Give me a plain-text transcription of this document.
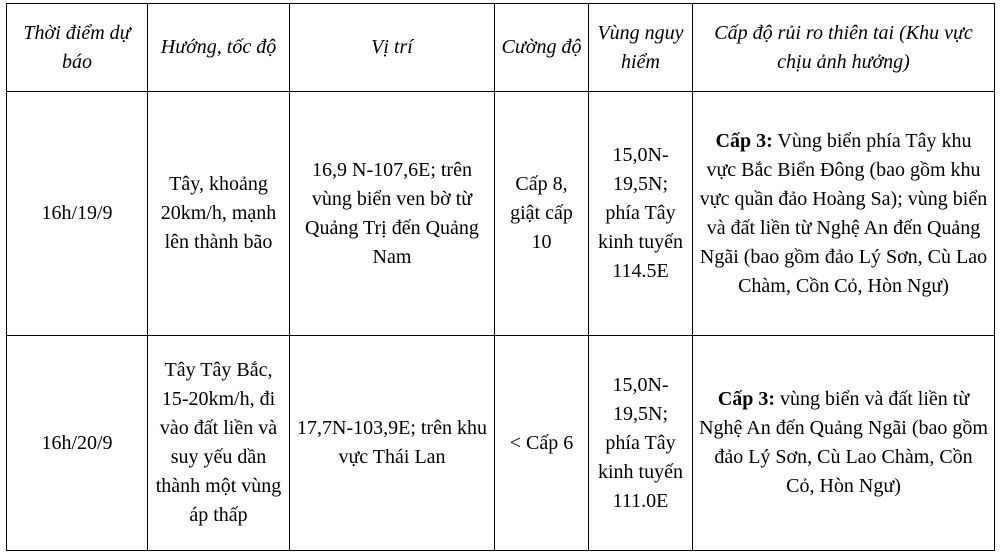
Thời điểm dự báo	Hướng, tốc độ	Vị trí	Cường độ	Vùng nguy hiểm	Cấp độ rủi ro thiên tai (Khu vực chịu ảnh hưởng)
16h/19/9	Tây, khoảng 20km/h, mạnh lên thành bão	16,9 N-107,6E; trên vùng biển ven bờ từ Quảng Trị đến Quảng Nam	Cấp 8, giật cấp 10	15,0N-19,5N; phía Tây kinh tuyến 114.5E	Cấp 3: Vùng biển phía Tây khu vực Bắc Biển Đông (bao gồm khu vực quần đảo Hoàng Sa); vùng biển và đất liền từ Nghệ An đến Quảng Ngãi (bao gồm đảo Lý Sơn, Cù Lao Chàm, Cồn Cỏ, Hòn Ngư)
16h/20/9	Tây Tây Bắc, 15-20km/h, đi vào đất liền và suy yếu dần thành một vùng áp thấp	17,7N-103,9E; trên khu vực Thái Lan	< Cấp 6	15,0N-19,5N; phía Tây kinh tuyến 111.0E	Cấp 3: vùng biển và đất liền từ Nghệ An đến Quảng Ngãi (bao gồm đảo Lý Sơn, Cù Lao Chàm, Cồn Cỏ, Hòn Ngư)
